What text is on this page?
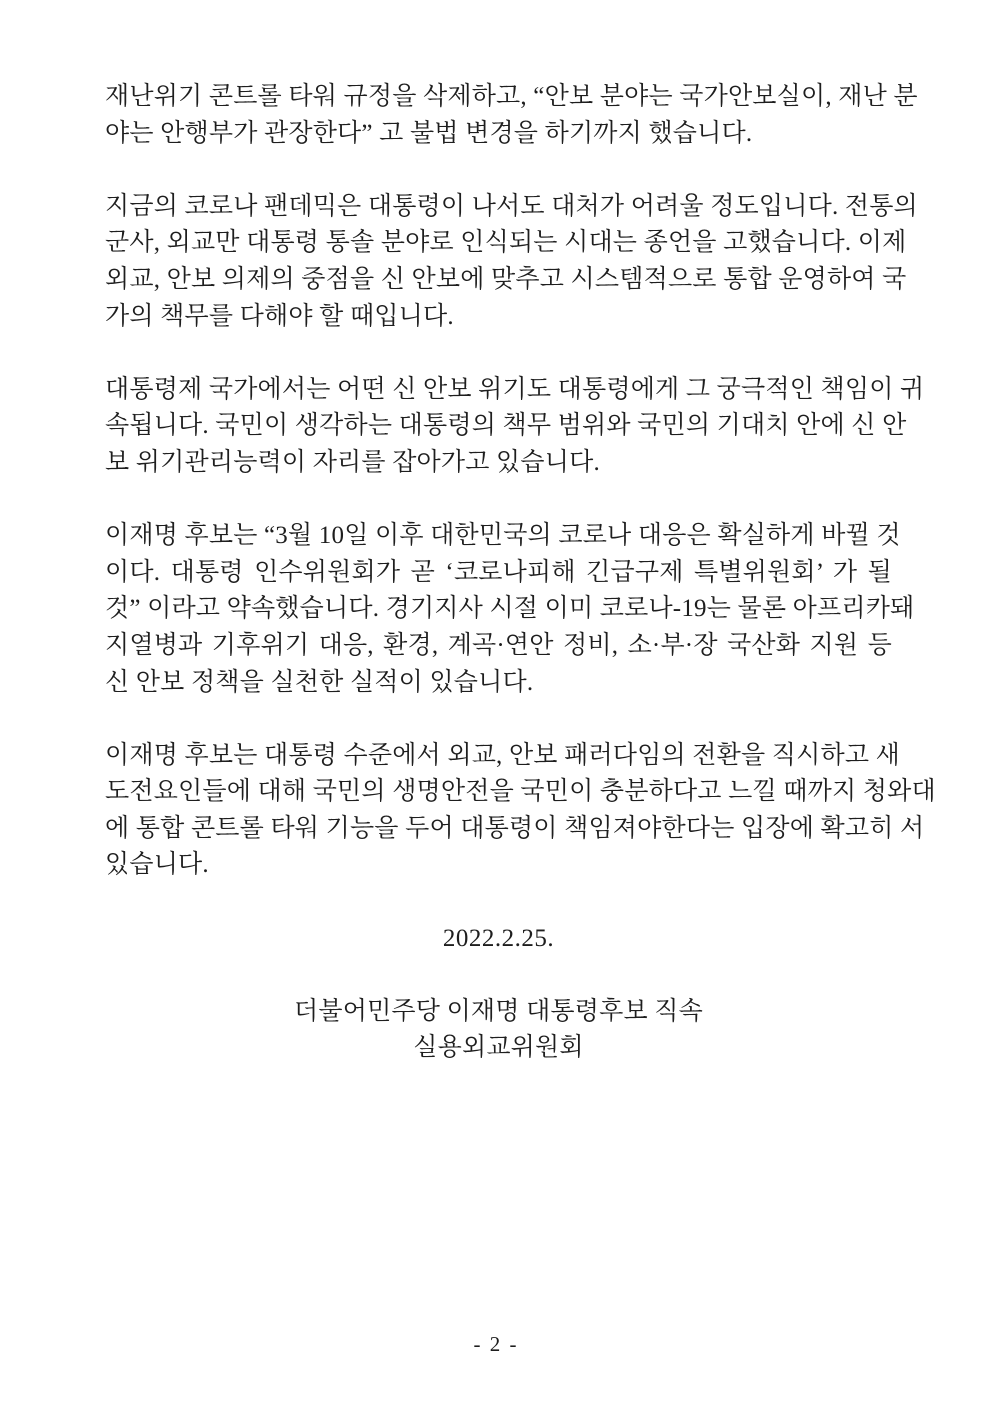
재난위기 콘트롤 타워 규정을 삭제하고, “안보 분야는 국가안보실이, 재난 분
야는 안행부가 관장한다” 고 불법 변경을 하기까지 했습니다.
지금의 코로나 팬데믹은 대통령이 나서도 대처가 어려울 정도입니다. 전통의
군사, 외교만 대통령 통솔 분야로 인식되는 시대는 종언을 고했습니다. 이제
외교, 안보 의제의 중점을 신 안보에 맞추고 시스템적으로 통합 운영하여 국
가의 책무를 다해야 할 때입니다.
대통령제 국가에서는 어떤 신 안보 위기도 대통령에게 그 궁극적인 책임이 귀
속됩니다. 국민이 생각하는 대통령의 책무 범위와 국민의 기대치 안에 신 안
보 위기관리능력이 자리를 잡아가고 있습니다.
이재명 후보는 “3월 10일 이후 대한민국의 코로나 대응은 확실하게 바뀔 것
이다. 대통령 인수위원회가 곧 ‘코로나피해 긴급구제 특별위원회’ 가 될
것” 이라고 약속했습니다. 경기지사 시절 이미 코로나-19는 물론 아프리카돼
지열병과 기후위기 대응, 환경, 계곡·연안 정비, 소·부·장 국산화 지원 등
신 안보 정책을 실천한 실적이 있습니다.
이재명 후보는 대통령 수준에서 외교, 안보 패러다임의 전환을 직시하고 새
도전요인들에 대해 국민의 생명안전을 국민이 충분하다고 느낄 때까지 청와대
에 통합 콘트롤 타워 기능을 두어 대통령이 책임져야한다는 입장에 확고히 서
있습니다.
2022.2.25.
더불어민주당 이재명 대통령후보 직속
실용외교위원회
- 2 -
